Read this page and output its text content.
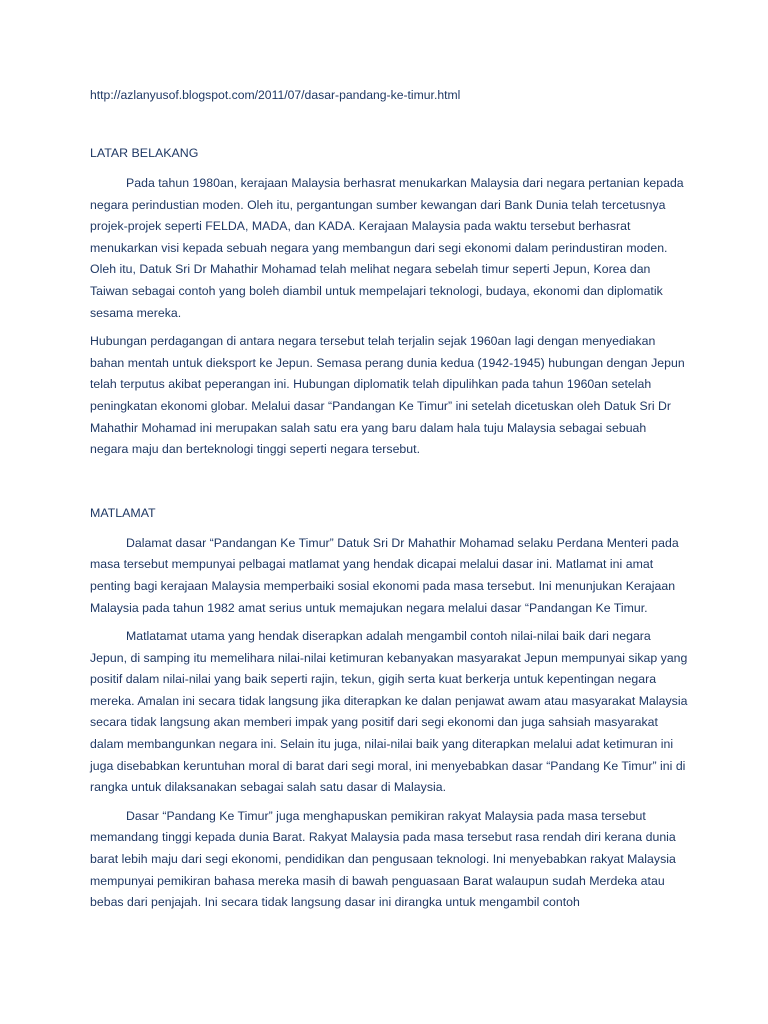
http://azlanyusof.blogspot.com/2011/07/dasar-pandang-ke-timur.html
LATAR BELAKANG

Pada tahun 1980an, kerajaan Malaysia berhasrat menukarkan Malaysia dari negara pertanian kepada negara perindustian moden. Oleh itu, pergantungan sumber kewangan dari Bank Dunia telah tercetusnya projek-projek seperti FELDA, MADA, dan KADA. Kerajaan Malaysia pada waktu tersebut berhasrat menukarkan visi kepada sebuah negara yang membangun dari segi ekonomi dalam perindustiran moden. Oleh itu, Datuk Sri Dr Mahathir Mohamad telah melihat negara sebelah timur seperti Jepun, Korea dan Taiwan sebagai contoh yang boleh diambil untuk mempelajari teknologi, budaya, ekonomi dan diplomatik sesama mereka.

Hubungan perdagangan di antara negara tersebut telah terjalin sejak 1960an lagi dengan menyediakan bahan mentah untuk dieksport ke Jepun. Semasa perang dunia kedua (1942-1945) hubungan dengan Jepun telah terputus akibat peperangan ini. Hubungan diplomatik telah dipulihkan pada tahun 1960an setelah peningkatan ekonomi globar. Melalui dasar “Pandangan Ke Timur” ini setelah dicetuskan oleh Datuk Sri Dr Mahathir Mohamad ini merupakan salah satu era yang baru dalam hala tuju Malaysia sebagai sebuah negara maju dan berteknologi tinggi seperti negara tersebut.

MATLAMAT

Dalamat dasar “Pandangan Ke Timur” Datuk Sri Dr Mahathir Mohamad selaku Perdana Menteri pada masa tersebut mempunyai pelbagai matlamat yang hendak dicapai melalui dasar ini. Matlamat ini amat penting bagi kerajaan Malaysia memperbaiki sosial ekonomi pada masa tersebut. Ini menunjukan Kerajaan Malaysia pada tahun 1982 amat serius untuk memajukan negara melalui dasar “Pandangan Ke Timur.

Matlatamat utama yang hendak diserapkan adalah mengambil contoh nilai-nilai baik dari negara Jepun, di samping itu memelihara nilai-nilai ketimuran kebanyakan masyarakat Jepun mempunyai sikap yang positif dalam nilai-nilai yang baik seperti rajin, tekun, gigih serta kuat berkerja untuk kepentingan negara mereka. Amalan ini secara tidak langsung jika diterapkan ke dalan penjawat awam atau masyarakat Malaysia secara tidak langsung akan memberi impak yang positif dari segi ekonomi dan juga sahsiah masyarakat dalam membangunkan negara ini. Selain itu juga, nilai-nilai baik yang diterapkan melalui adat ketimuran ini juga disebabkan keruntuhan moral di barat dari segi moral, ini menyebabkan dasar “Pandang Ke Timur” ini di rangka untuk dilaksanakan sebagai salah satu dasar di Malaysia.

Dasar “Pandang Ke Timur” juga menghapuskan pemikiran rakyat Malaysia pada masa tersebut memandang tinggi kepada dunia Barat. Rakyat Malaysia pada masa tersebut rasa rendah diri kerana dunia barat lebih maju dari segi ekonomi, pendidikan dan pengusaan teknologi. Ini menyebabkan rakyat Malaysia mempunyai pemikiran bahasa mereka masih di bawah penguasaan Barat walaupun sudah Merdeka atau bebas dari penjajah. Ini secara tidak langsung dasar ini dirangka untuk mengambil contoh
